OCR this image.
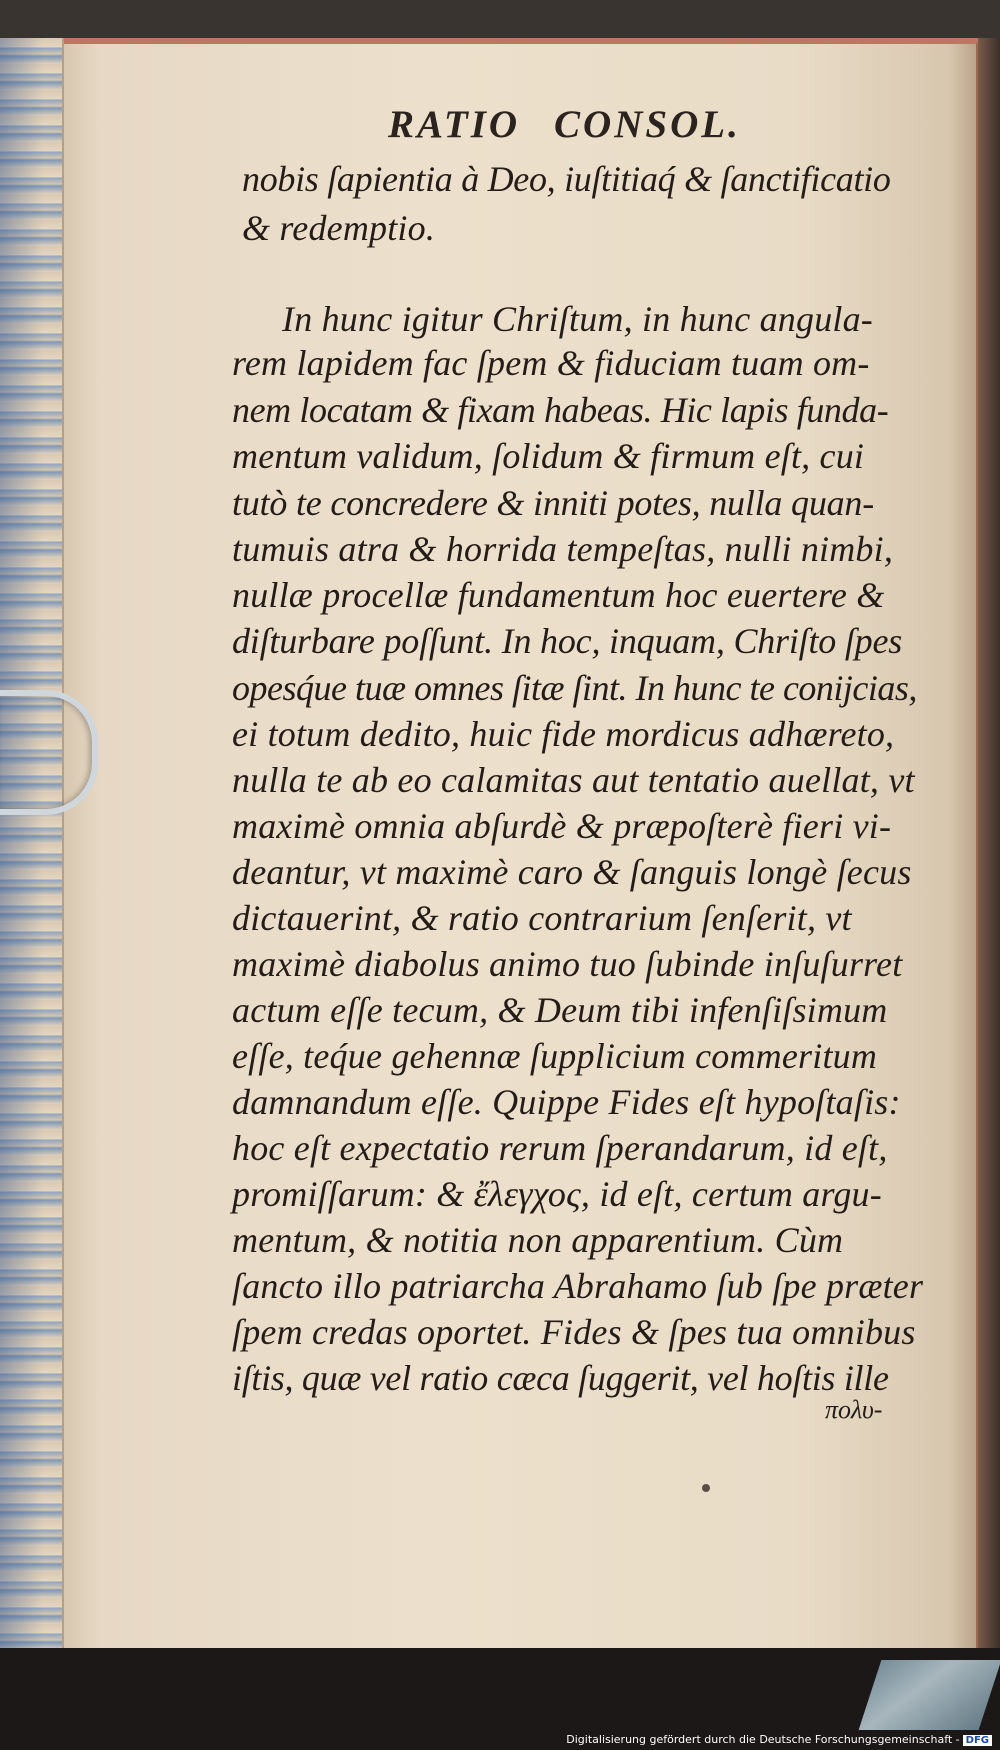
RATIO CONSOL.
nobis ſapientia à Deo, iuſtitiaq́ & ſanctificatio
& redemptio.
In hunc igitur Chriſtum, in hunc angula-
rem lapidem fac ſpem & fiduciam tuam om-
nem locatam & fixam habeas. Hic lapis funda-
mentum validum, ſolidum & firmum eſt, cui
tutò te concredere & inniti potes, nulla quan-
tumuis atra & horrida tempeſtas, nulli nimbi,
nullæ procellæ fundamentum hoc euertere &
diſturbare poſſunt. In hoc, inquam, Chriſto ſpes
opesq́ue tuæ omnes ſitæ ſint. In hunc te conijcias,
ei totum dedito, huic fide mordicus adhæreto,
nulla te ab eo calamitas aut tentatio auellat, vt
maximè omnia abſurdè & præpoſterè fieri vi-
deantur, vt maximè caro & ſanguis longè ſecus
dictauerint, & ratio contrarium ſenſerit, vt
maximè diabolus animo tuo ſubinde inſuſurret
actum eſſe tecum, & Deum tibi infenſiſsimum
eſſe, teq́ue gehennæ ſupplicium commeritum
damnandum eſſe. Quippe Fides eſt hypoſtaſis:
hoc eſt expectatio rerum ſperandarum, id eſt,
promiſſarum: & ἔλεγχος, id eſt, certum argu-
mentum, & notitia non apparentium. Cùm
ſancto illo patriarcha Abrahamo ſub ſpe præter
ſpem credas oportet. Fides & ſpes tua omnibus
iſtis, quæ vel ratio cæca ſuggerit, vel hoſtis ille
πολυ-
Digitalisierung gefördert durch die Deutsche Forschungsgemeinschaft - DFG
